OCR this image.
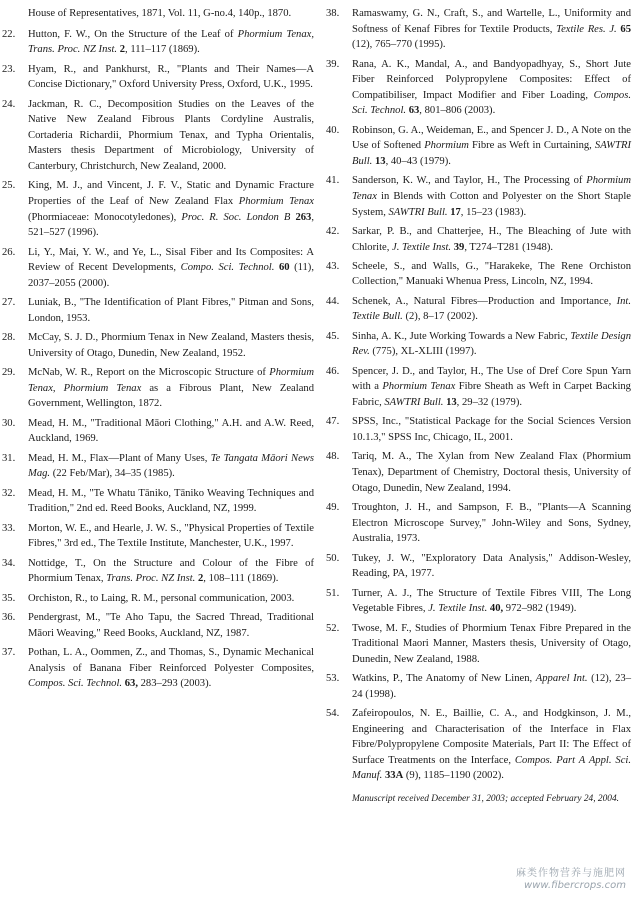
House of Representatives, 1871, Vol. 11, G-no.4, 140p., 1870.
22.	Hutton, F. W., On the Structure of the Leaf of Phormium Tenax, Trans. Proc. NZ Inst. 2, 111–117 (1869).
23.	Hyam, R., and Pankhurst, R., "Plants and Their Names—A Concise Dictionary," Oxford University Press, Oxford, U.K., 1995.
24.	Jackman, R. C., Decomposition Studies on the Leaves of the Native New Zealand Fibrous Plants Cordyline Australis, Cortaderia Richardii, Phormium Tenax, and Typha Orientalis, Masters thesis Department of Microbiology, University of Canterbury, Christchurch, New Zealand, 2000.
25.	King, M. J., and Vincent, J. F. V., Static and Dynamic Fracture Properties of the Leaf of New Zealand Flax Phormium Tenax (Phormiaceae: Monocotyledones), Proc. R. Soc. London B 263, 521–527 (1996).
26.	Li, Y., Mai, Y. W., and Ye, L., Sisal Fiber and Its Composites: A Review of Recent Developments, Compo. Sci. Technol. 60 (11), 2037–2055 (2000).
27.	Luniak, B., "The Identification of Plant Fibres," Pitman and Sons, London, 1953.
28.	McCay, S. J. D., Phormium Tenax in New Zealand, Masters thesis, University of Otago, Dunedin, New Zealand, 1952.
29.	McNab, W. R., Report on the Microscopic Structure of Phormium Tenax, Phormium Tenax as a Fibrous Plant, New Zealand Government, Wellington, 1872.
30.	Mead, H. M., "Traditional Māori Clothing," A.H. and A.W. Reed, Auckland, 1969.
31.	Mead, H. M., Flax—Plant of Many Uses, Te Tangata Māori News Mag. (22 Feb/Mar), 34–35 (1985).
32.	Mead, H. M., "Te Whatu Tāniko, Tāniko Weaving Techniques and Tradition," 2nd ed. Reed Books, Auckland, NZ, 1999.
33.	Morton, W. E., and Hearle, J. W. S., "Physical Properties of Textile Fibres," 3rd ed., The Textile Institute, Manchester, U.K., 1997.
34.	Nottidge, T., On the Structure and Colour of the Fibre of Phormium Tenax, Trans. Proc. NZ Inst. 2, 108–111 (1869).
35.	Orchiston, R., to Laing, R. M., personal communication, 2003.
36.	Pendergrast, M., "Te Aho Tapu, the Sacred Thread, Traditional Māori Weaving," Reed Books, Auckland, NZ, 1987.
37.	Pothan, L. A., Oommen, Z., and Thomas, S., Dynamic Mechanical Analysis of Banana Fiber Reinforced Polyester Composites, Compos. Sci. Technol. 63, 283–293 (2003).
38.	Ramaswamy, G. N., Craft, S., and Wartelle, L., Uniformity and Softness of Kenaf Fibres for Textile Products, Textile Res. J. 65 (12), 765–770 (1995).
39.	Rana, A. K., Mandal, A., and Bandyopadhyay, S., Short Jute Fiber Reinforced Polypropylene Composites: Effect of Compatibiliser, Impact Modifier and Fiber Loading, Compos. Sci. Technol. 63, 801–806 (2003).
40.	Robinson, G. A., Weideman, E., and Spencer J. D., A Note on the Use of Softened Phormium Fibre as Weft in Curtaining, SAWTRI Bull. 13, 40–43 (1979).
41.	Sanderson, K. W., and Taylor, H., The Processing of Phormium Tenax in Blends with Cotton and Polyester on the Short Staple System, SAWTRI Bull. 17, 15–23 (1983).
42.	Sarkar, P. B., and Chatterjee, H., The Bleaching of Jute with Chlorite, J. Textile Inst. 39, T274–T281 (1948).
43.	Scheele, S., and Walls, G., "Harakeke, The Rene Orchiston Collection," Manuaki Whenua Press, Lincoln, NZ, 1994.
44.	Schenek, A., Natural Fibres—Production and Importance, Int. Textile Bull. (2), 8–17 (2002).
45.	Sinha, A. K., Jute Working Towards a New Fabric, Textile Design Rev. (775), XL-XLIII (1997).
46.	Spencer, J. D., and Taylor, H., The Use of Dref Core Spun Yarn with a Phormium Tenax Fibre Sheath as Weft in Carpet Backing Fabric, SAWTRI Bull. 13, 29–32 (1979).
47.	SPSS, Inc., "Statistical Package for the Social Sciences Version 10.1.3," SPSS Inc, Chicago, IL, 2001.
48.	Tariq, M. A., The Xylan from New Zealand Flax (Phormium Tenax), Department of Chemistry, Doctoral thesis, University of Otago, Dunedin, New Zealand, 1994.
49.	Troughton, J. H., and Sampson, F. B., "Plants—A Scanning Electron Microscope Survey," John-Wiley and Sons, Sydney, Australia, 1973.
50.	Tukey, J. W., "Exploratory Data Analysis," Addison-Wesley, Reading, PA, 1977.
51.	Turner, A. J., The Structure of Textile Fibres VIII, The Long Vegetable Fibres, J. Textile Inst. 40, 972–982 (1949).
52.	Twose, M. F., Studies of Phormium Tenax Fibre Prepared in the Traditional Maori Manner, Masters thesis, University of Otago, Dunedin, New Zealand, 1988.
53.	Watkins, P., The Anatomy of New Linen, Apparel Int. (12), 23–24 (1998).
54.	Zafeiropoulos, N. E., Baillie, C. A., and Hodgkinson, J. M., Engineering and Characterisation of the Interface in Flax Fibre/Polypropylene Composite Materials, Part II: The Effect of Surface Treatments on the Interface, Compos. Part A Appl. Sci. Manuf. 33A (9), 1185–1190 (2002).
Manuscript received December 31, 2003; accepted February 24, 2004.
麻类作物营养与施肥网
www.fibercrops.com
